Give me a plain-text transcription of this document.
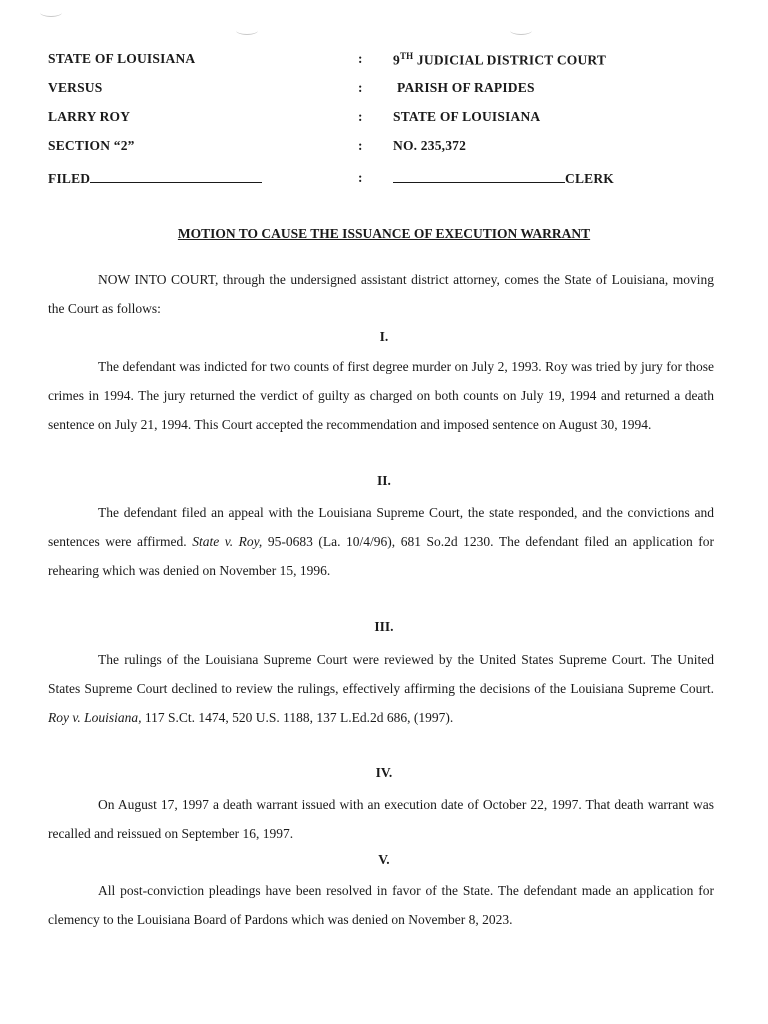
STATE OF LOUISIANA	: 9TH JUDICIAL DISTRICT COURT
VERSUS	:	PARISH OF RAPIDES
LARRY ROY	: STATE OF LOUISIANA
SECTION “2”	: NO. 235,372
FILED	:	CLERK
MOTION TO CAUSE THE ISSUANCE OF EXECUTION WARRANT
NOW INTO COURT, through the undersigned assistant district attorney, comes the State of Louisiana, moving the Court as follows:
I.
The defendant was indicted for two counts of first degree murder on July 2, 1993. Roy was tried by jury for those crimes in 1994. The jury returned the verdict of guilty as charged on both counts on July 19, 1994 and returned a death sentence on July 21, 1994. This Court accepted the recommendation and imposed sentence on August 30, 1994.
II.
The defendant filed an appeal with the Louisiana Supreme Court, the state responded, and the convictions and sentences were affirmed. State v. Roy, 95-0683 (La. 10/4/96), 681 So.2d 1230. The defendant filed an application for rehearing which was denied on November 15, 1996.
III.
The rulings of the Louisiana Supreme Court were reviewed by the United States Supreme Court. The United States Supreme Court declined to review the rulings, effectively affirming the decisions of the Louisiana Supreme Court. Roy v. Louisiana, 117 S.Ct. 1474, 520 U.S. 1188, 137 L.Ed.2d 686, (1997).
IV.
On August 17, 1997 a death warrant issued with an execution date of October 22, 1997. That death warrant was recalled and reissued on September 16, 1997.
V.
All post-conviction pleadings have been resolved in favor of the State. The defendant made an application for clemency to the Louisiana Board of Pardons which was denied on November 8, 2023.
